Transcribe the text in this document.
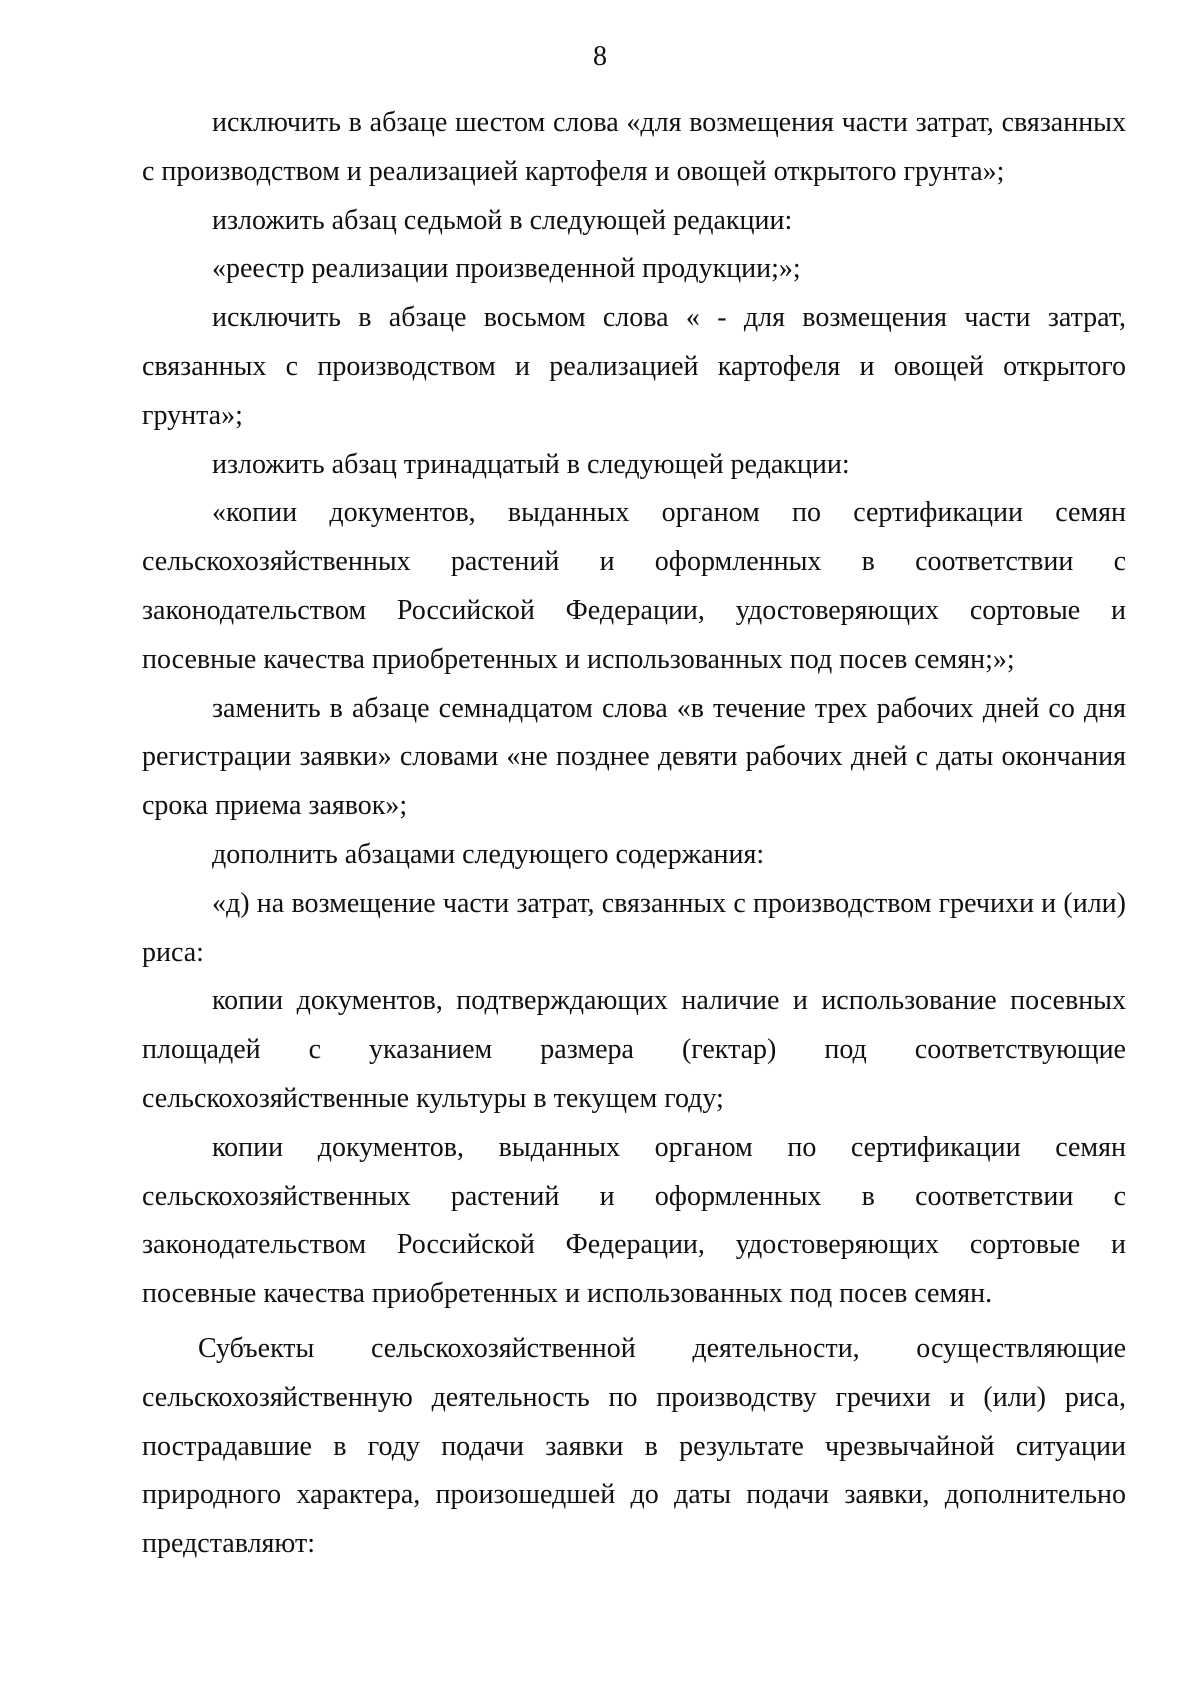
8

исключить в абзаце шестом слова «для возмещения части затрат, связанных с производством и реализацией картофеля и овощей открытого грунта»;

изложить абзац седьмой в следующей редакции:

«реестр реализации произведенной продукции;»;

исключить в абзаце восьмом слова « - для возмещения части затрат, связанных с производством и реализацией картофеля и овощей открытого грунта»;

изложить абзац тринадцатый в следующей редакции:

«копии документов, выданных органом по сертификации семян сельскохозяйственных растений и оформленных в соответствии с законодательством Российской Федерации, удостоверяющих сортовые и посевные качества приобретенных и использованных под посев семян;»;

заменить в абзаце семнадцатом слова «в течение трех рабочих дней со дня регистрации заявки» словами «не позднее девяти рабочих дней с даты окончания срока приема заявок»;

дополнить абзацами следующего содержания:

«д) на возмещение части затрат, связанных с производством гречихи и (или) риса:

копии документов, подтверждающих наличие и использование посевных площадей с указанием размера (гектар) под соответствующие сельскохозяйственные культуры в текущем году;

копии документов, выданных органом по сертификации семян сельскохозяйственных растений и оформленных в соответствии с законодательством Российской Федерации, удостоверяющих сортовые и посевные качества приобретенных и использованных под посев семян.

Субъекты сельскохозяйственной деятельности, осуществляющие сельскохозяйственную деятельность по производству гречихи и (или) риса, пострадавшие в году подачи заявки в результате чрезвычайной ситуации природного характера, произошедшей до даты подачи заявки, дополнительно представляют:
